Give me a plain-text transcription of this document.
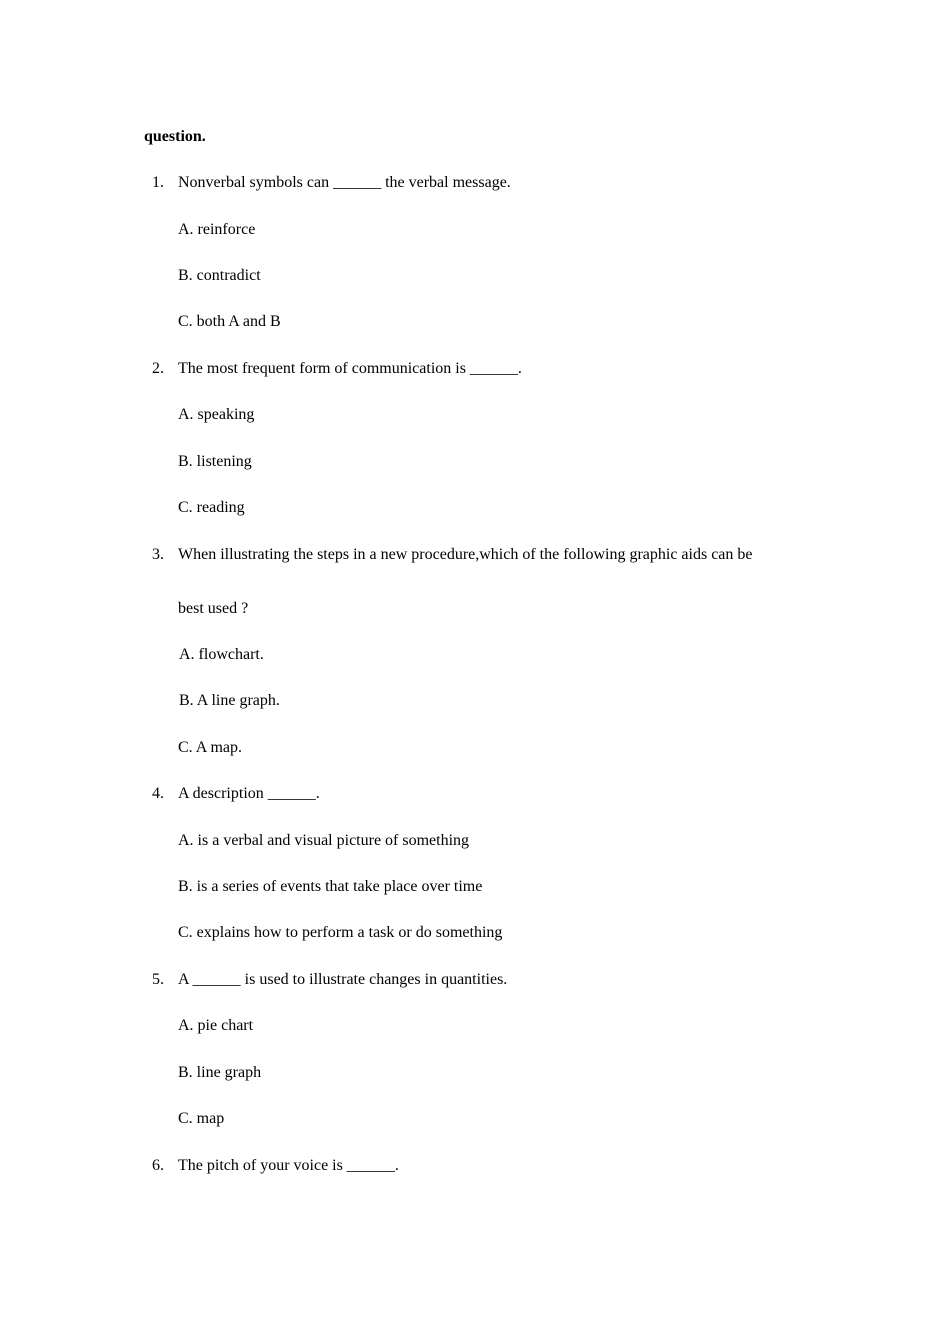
question.
1. Nonverbal symbols can ______ the verbal message.
A. reinforce
B. contradict
C. both A and B
2. The most frequent form of communication is ______.
A. speaking
B. listening
C. reading
3. When illustrating the steps in a new procedure,which of the following graphic aids can be
best used ?
A. flowchart.
B. A line graph.
C. A map.
4. A description ______.
A. is a verbal and visual picture of something
B. is a series of events that take place over time
C. explains how to perform a task or do something
5. A ______ is used to illustrate changes in quantities.
A. pie chart
B. line graph
C. map
6. The pitch of your voice is ______.
